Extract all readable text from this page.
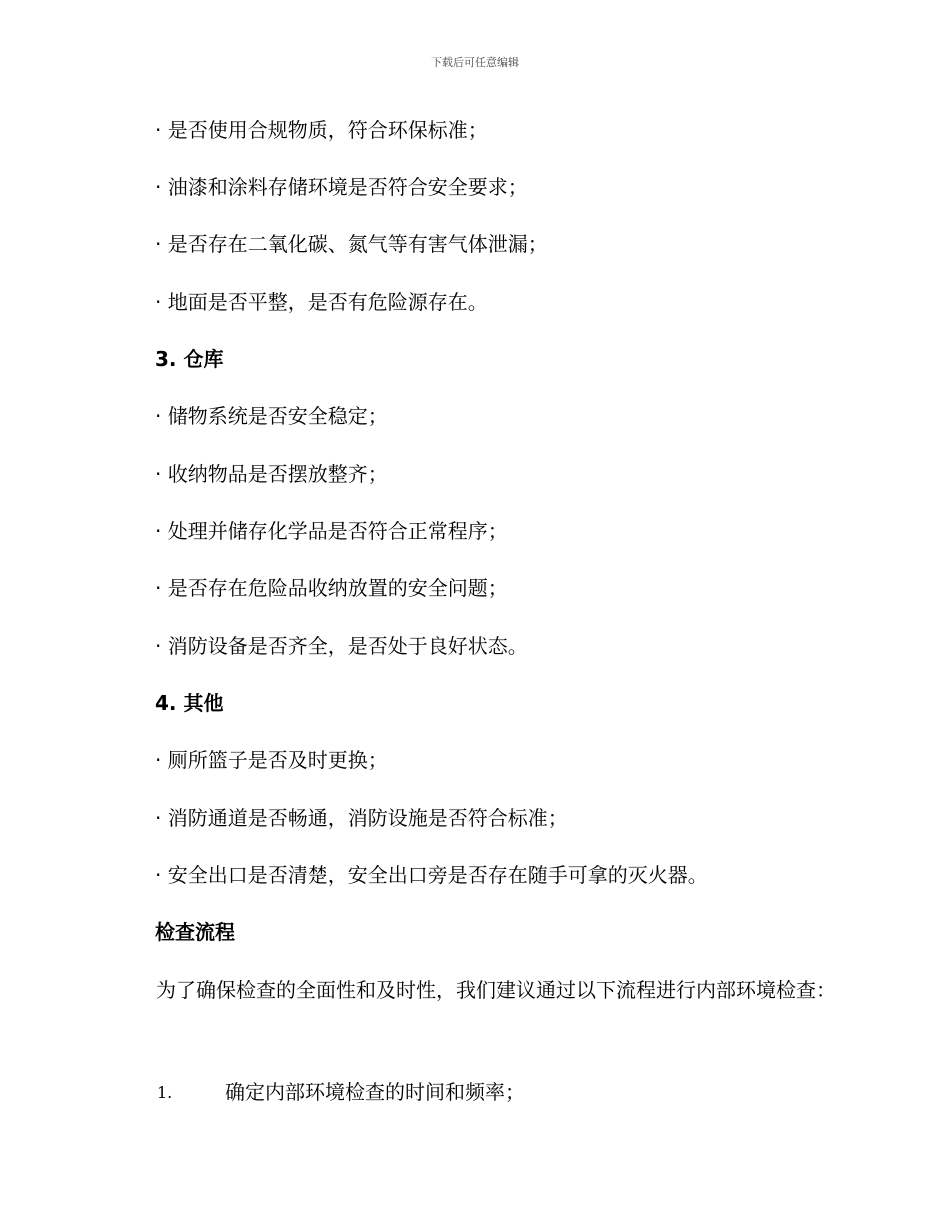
下载后可任意编辑
· 是否使用合规物质，符合环保标准；
· 油漆和涂料存储环境是否符合安全要求；
· 是否存在二氧化碳、氮气等有害气体泄漏；
· 地面是否平整，是否有危险源存在。
3. 仓库
· 储物系统是否安全稳定；
· 收纳物品是否摆放整齐；
· 处理并储存化学品是否符合正常程序；
· 是否存在危险品收纳放置的安全问题；
· 消防设备是否齐全，是否处于良好状态。
4. 其他
· 厕所篮子是否及时更换；
· 消防通道是否畅通，消防设施是否符合标准；
· 安全出口是否清楚，安全出口旁是否存在随手可拿的灭火器。
检查流程
为了确保检查的全面性和及时性，我们建议通过以下流程进行内部环境检查：
1.	确定内部环境检查的时间和频率；
